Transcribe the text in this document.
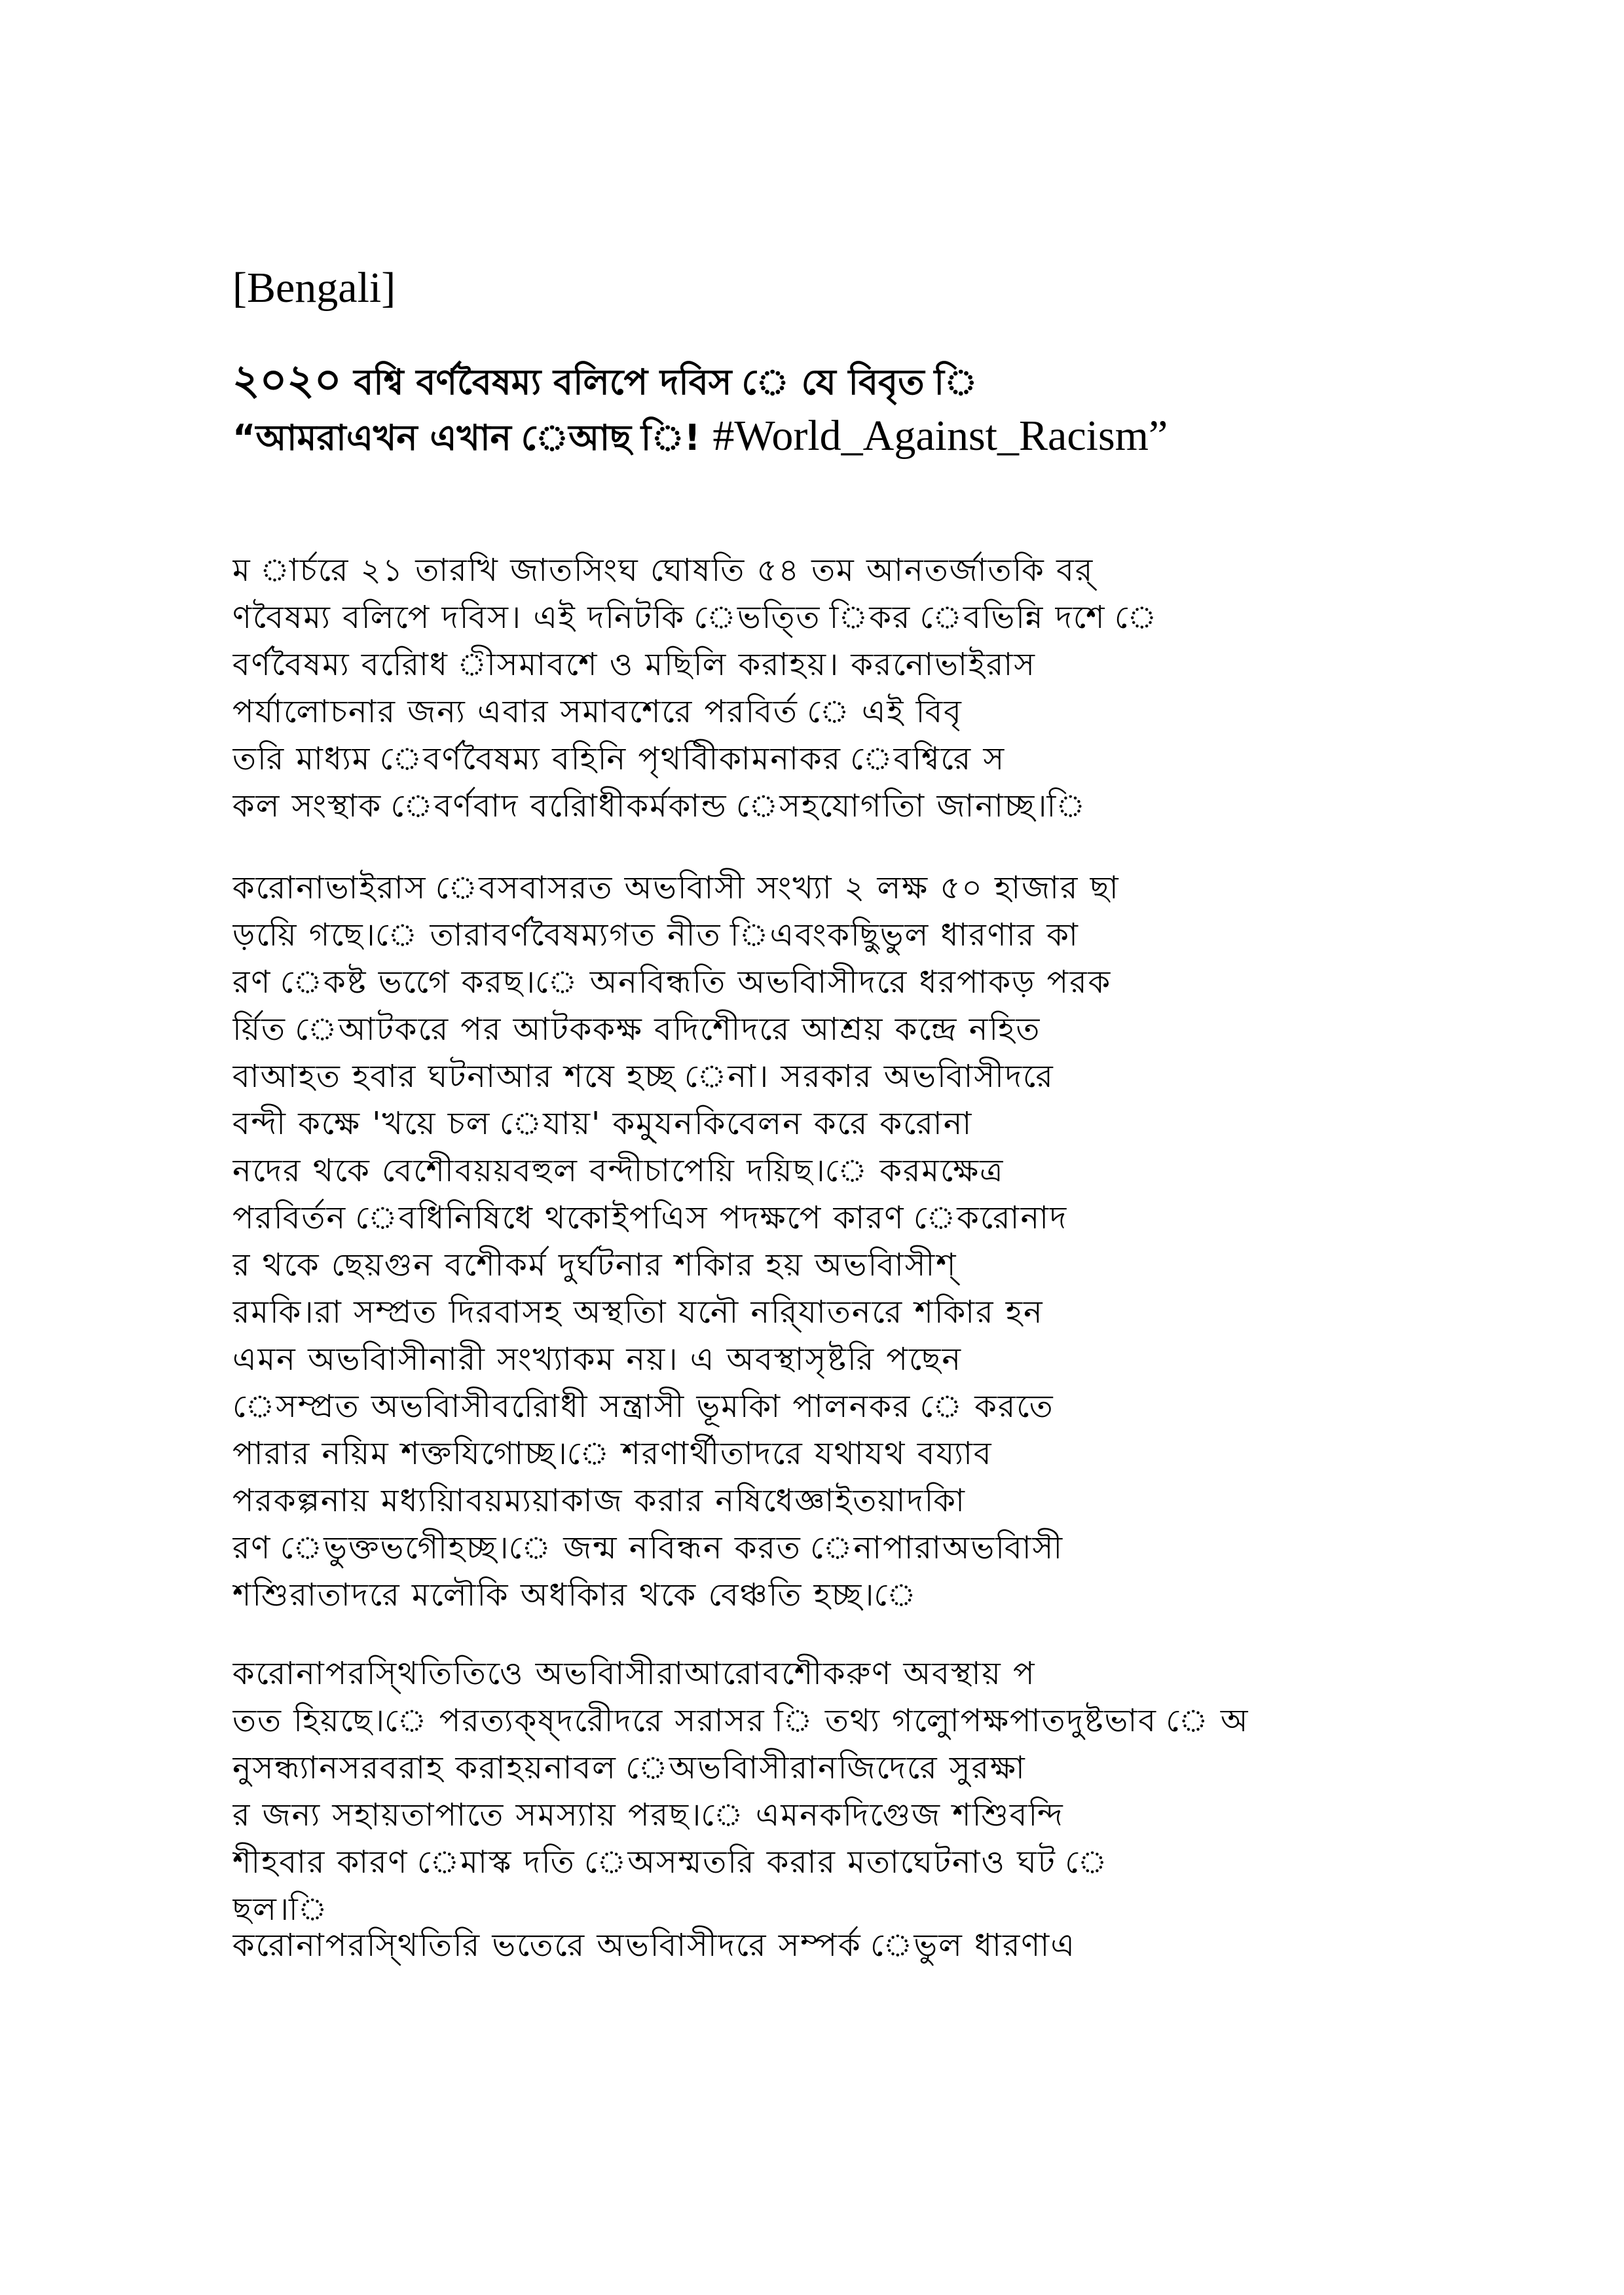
[Bengali]
২০২০ বশ্বি বর্ণবৈষম্য বলিপে দবিস ে যে বিবৃত ি
“আমরাএখন এখান েআছ ি! #World_Against_Racism”
ম ার্চরে ২১ তারখি জাতসিংঘ ঘোষতি ৫৪ তম আনতর্জাতকি বর্
ণবৈষম্য বলিপে দবিস। এই দনিটকি েভতি্ত িকর েবভিন্নি দশে ে
বর্ণবৈষম্য বরিোধ ীসমাবশে ও মছিলি করাহয়। করনোভাইরাস
পর্যালোচনার জন্য এবার সমাবশেরে পরবির্ত ে এই বিবৃ
তরি মাধ্যম েবর্ণবৈষম্য বহিনি পৃথবিীকামনাকর েবশ্বিরে স
কল সংস্থাক েবর্ণবাদ বরিোধীকর্মকান্ড েসহযোগতিা জানাচ্ছ।ি
করোনাভাইরাস েবসবাসরত অভবিাসী সংখ্যা ২ লক্ষ ৫০ হাজার ছা
ড়য়িে গছে।ে তারাবর্ণবৈষম্যগত নীত িএবংকছিুভুল ধারণার কা
রণ েকষ্ট ভগেে করছ।ে অনবিন্ধতি অভবিাসীদরে ধরপাকড় পরক
র্য়িত েআটকরে পর আটককক্ষ বদিশেীদরে আশ্রয় কন্দ্রে নহিত
বাআহত হবার ঘটনাআর শষে হচ্ছ েনা। সরকার অভবিাসীদরে
বন্দী কক্ষে 'খয়ে চল েযায়' কমু্যনকিবেলন করে করোনা
নদের থকে বেশেীবয়য়বহুল বন্দীচাপেয়ি দয়িছ।ে করমক্ষেত্র
পরবির্তন েবধিনিষিধে থকোইপএিস পদক্ষপে কারণ েকরোনাদ
র থকে ছেয়গুন বশেীকর্ম দুর্ঘটনার শকিার হয় অভবিাসীশ্
রমকি।রা সম্প্রত দিরবাসহ অস্থতিা যনৌ নরি্যাতনরে শকিার হন
এমন অভবিাসীনারী সংখ্যাকম নয়। এ অবস্থাসৃষ্টরি পছেন
েসম্প্রত অভবিাসীবরিোধী সন্ত্রাসী ভূমকিা পালনকর ে করতে
পারার নয়িম শক্তযিগোচ্ছ।ে শরণার্থীতাদরে যথাযথ বয্যাব
পরকল্পনায় মধ্যয়িাবয়ম্যয়াকাজ করার নষিধেজ্ঞাইতয়াদকিা
রণ েভুক্তভগেীহচ্ছ।ে জন্ম নবিন্ধন করত েনাপারাঅভবিাসী
শশিুরাতাদরে মলৌকি অধকিার থকে বেঞ্চতি হচ্ছ।ে
করোনাপরসি্থতিতিওে অভবিাসীরাআরোবশেীকরুণ অবস্থায় প
তত হিয়ছে।ে পরত্যক্ষ্দরেীদরে সরাসর ি তথ্য গলুোপক্ষপাতদুষ্টভাব ে অ
নুসন্ধ্যানসরবরাহ করাহয়নাবল েঅভবিাসীরানজিদেরে সুরক্ষা
র জন্য সহায়তাপাতে সমস্যায় পরছ।ে এমনকদিগেুজ শশিুবন্দি
শীহবার কারণ েমাস্ক দতি েঅসম্মতরি করার মতাঘেটনাও ঘট ে
ছল।ি
করোনাপরসি্থতিরি ভতেরে অভবিাসীদরে সম্পর্ক েভুল ধারণাএ
